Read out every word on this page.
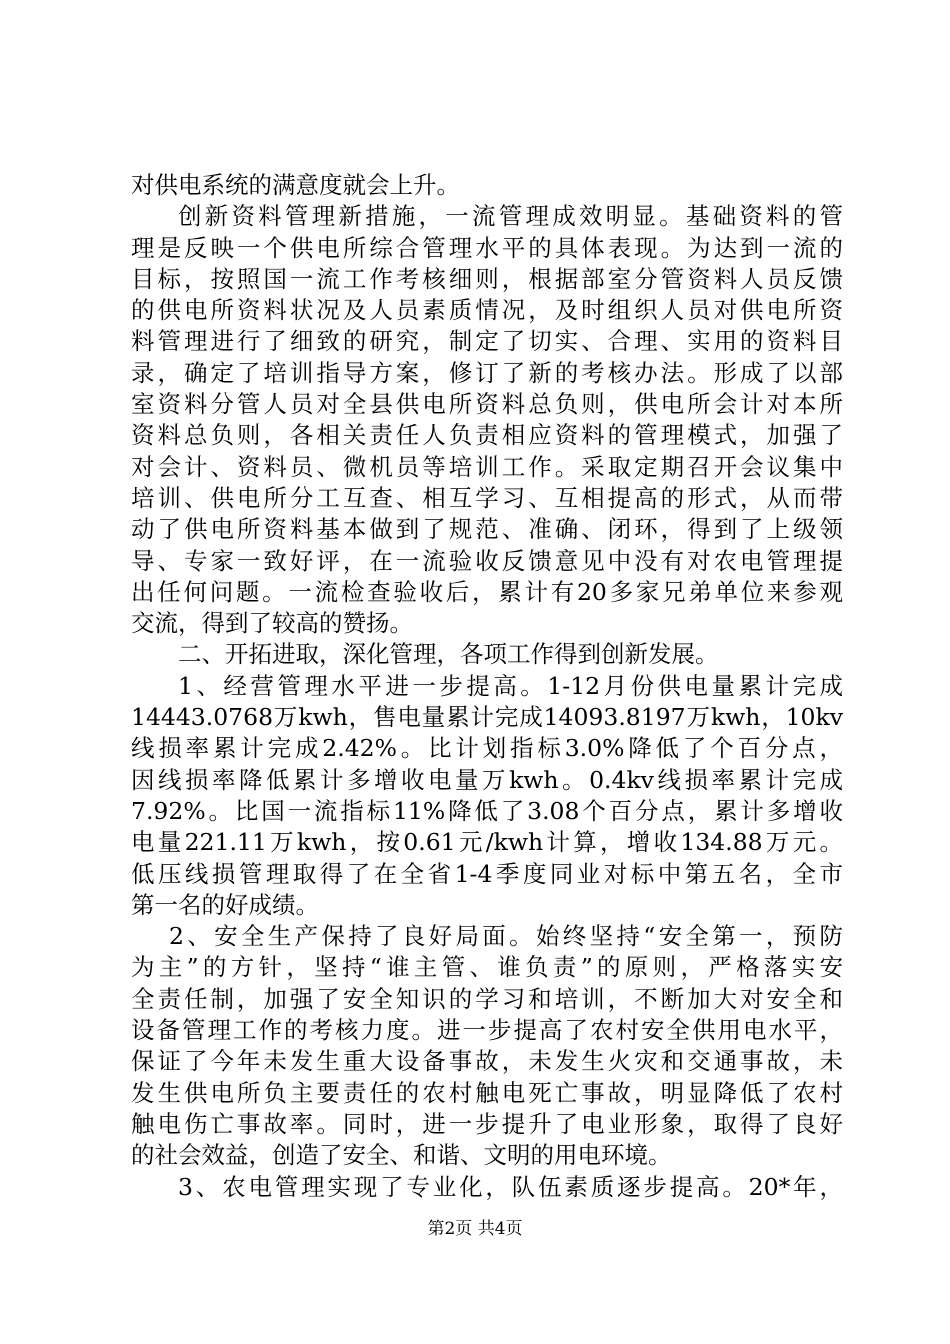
对供电系统的满意度就会上升。
创新资料管理新措施，一流管理成效明显。基础资料的管
理是反映一个供电所综合管理水平的具体表现。为达到一流的
目标，按照国一流工作考核细则，根据部室分管资料人员反馈
的供电所资料状况及人员素质情况，及时组织人员对供电所资
料管理进行了细致的研究，制定了切实、合理、实用的资料目
录，确定了培训指导方案，修订了新的考核办法。形成了以部
室资料分管人员对全县供电所资料总负则，供电所会计对本所
资料总负则，各相关责任人负责相应资料的管理模式，加强了
对会计、资料员、微机员等培训工作。采取定期召开会议集中
培训、供电所分工互查、相互学习、互相提高的形式，从而带
动了供电所资料基本做到了规范、准确、闭环，得到了上级领
导、专家一致好评，在一流验收反馈意见中没有对农电管理提
出任何问题。一流检查验收后，累计有20多家兄弟单位来参观
交流，得到了较高的赞扬。
二、开拓进取，深化管理，各项工作得到创新发展。
1、经营管理水平进一步提高。1-12月份供电量累计完成
14443.0768万kwh，售电量累计完成14093.8197万kwh，10kv
线损率累计完成2.42%。比计划指标3.0%降低了个百分点，
因线损率降低累计多增收电量万kwh。0.4kv线损率累计完成
7.92%。比国一流指标11%降低了3.08个百分点，累计多增收
电量221.11万kwh，按0.61元/kwh计算，增收134.88万元。
低压线损管理取得了在全省1-4季度同业对标中第五名，全市
第一名的好成绩。
2、安全生产保持了良好局面。始终坚持“安全第一，预防
为主”的方针，坚持“谁主管、谁负责”的原则，严格落实安
全责任制，加强了安全知识的学习和培训，不断加大对安全和
设备管理工作的考核力度。进一步提高了农村安全供用电水平，
保证了今年未发生重大设备事故，未发生火灾和交通事故，未
发生供电所负主要责任的农村触电死亡事故，明显降低了农村
触电伤亡事故率。同时，进一步提升了电业形象，取得了良好
的社会效益，创造了安全、和谐、文明的用电环境。
3、农电管理实现了专业化，队伍素质逐步提高。20*年，
第2页 共4页
